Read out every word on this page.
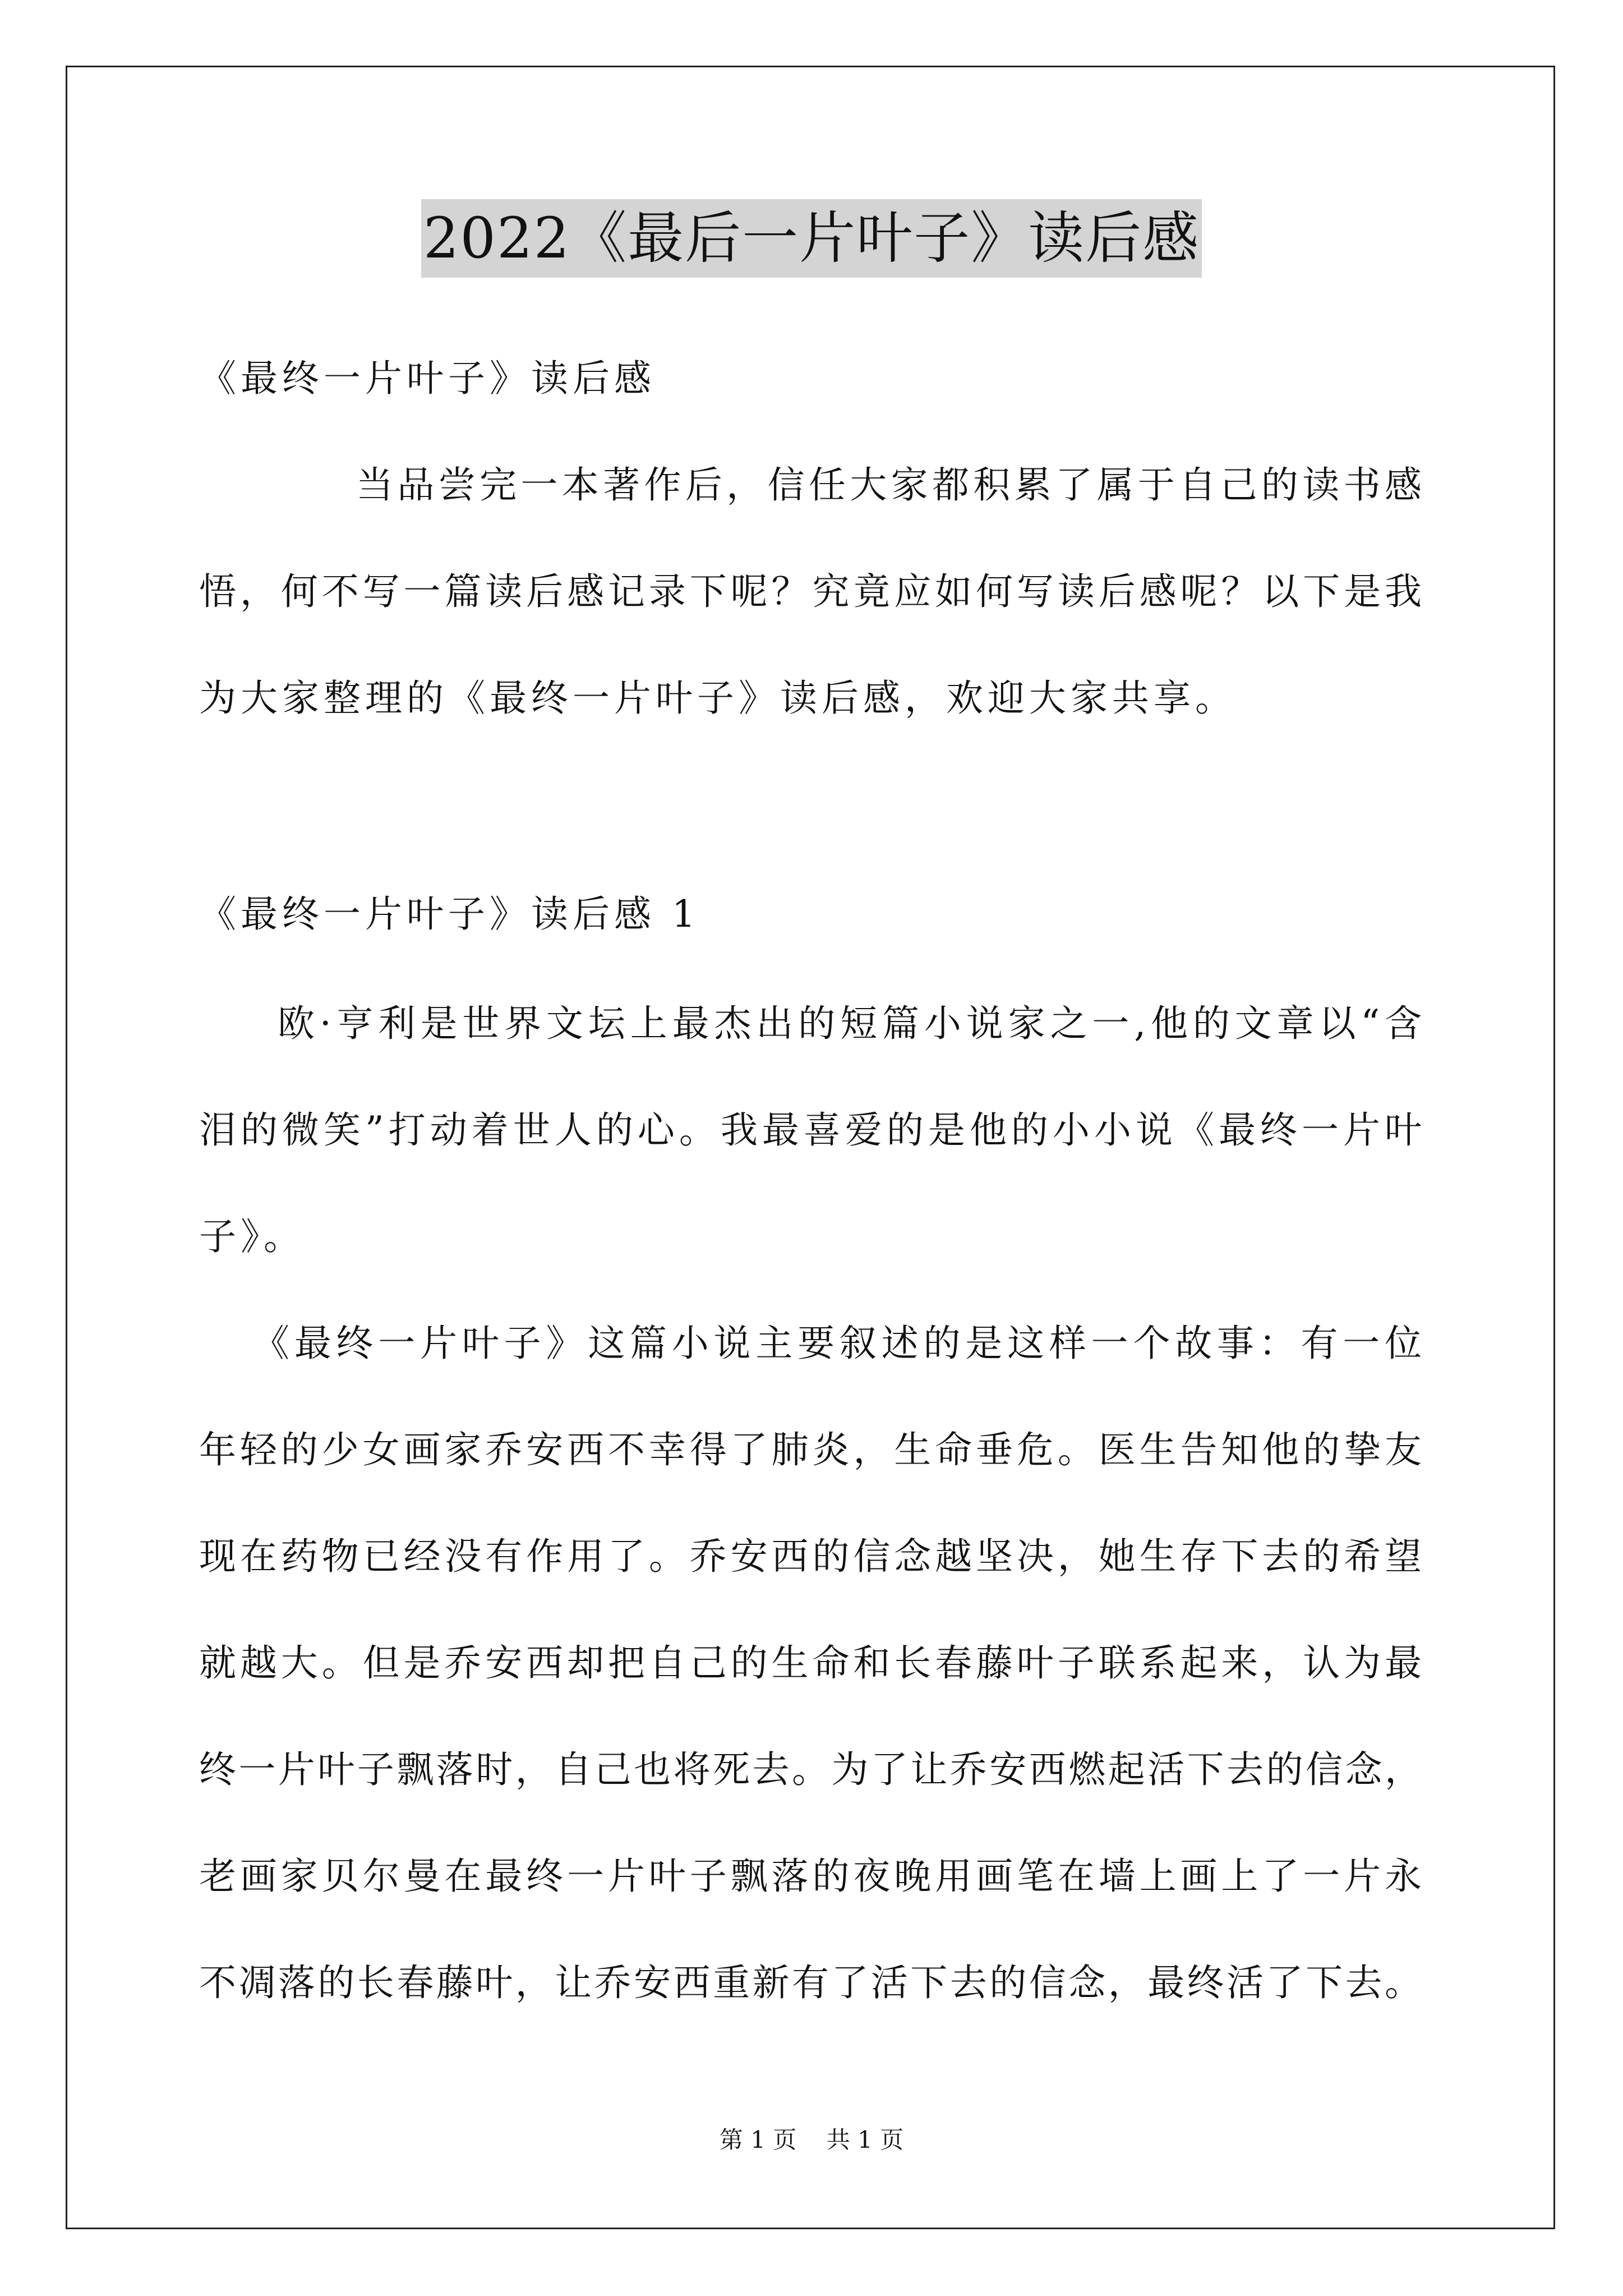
2022《最后一片叶子》读后感
《最终一片叶子》读后感
当品尝完一本著作后，信任大家都积累了属于自己的读书感
悟，何不写一篇读后感记录下呢？究竟应如何写读后感呢？以下是我
为大家整理的《最终一片叶子》读后感，欢迎大家共享。
《最终一片叶子》读后感 1
欧·亨利是世界文坛上最杰出的短篇小说家之一,他的文章以“含
泪的微笑”打动着世人的心。我最喜爱的是他的小小说《最终一片叶
子》。
《最终一片叶子》这篇小说主要叙述的是这样一个故事：有一位
年轻的少女画家乔安西不幸得了肺炎，生命垂危。医生告知他的挚友
现在药物已经没有作用了。乔安西的信念越坚决，她生存下去的希望
就越大。但是乔安西却把自己的生命和长春藤叶子联系起来，认为最
终一片叶子飘落时，自己也将死去。为了让乔安西燃起活下去的信念，
老画家贝尔曼在最终一片叶子飘落的夜晚用画笔在墙上画上了一片永
不凋落的长春藤叶，让乔安西重新有了活下去的信念，最终活了下去。
第 1 页    共 1 页
